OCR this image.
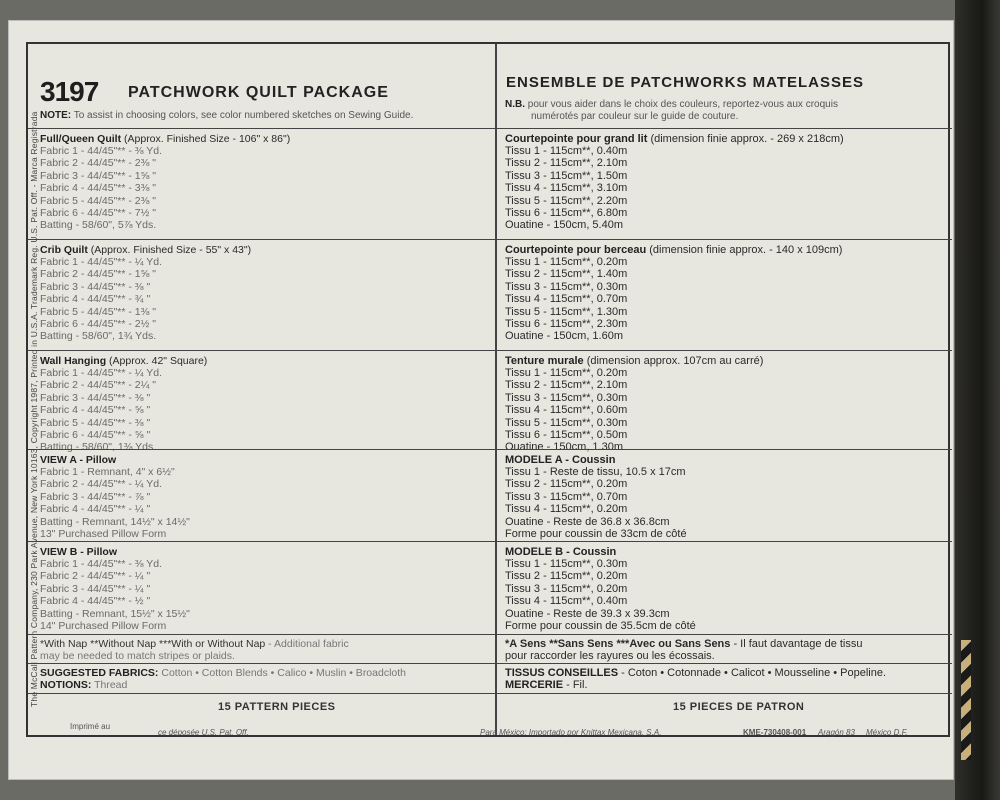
The McCall Pattern Company, 230 Park Avenue, New York 10163, Copyright 1987, Printed in U.S.A. Trademark Reg. U.S. Pat. Off. - Marca Registrada
3197 PATCHWORK QUILT PACKAGE
NOTE: To assist in choosing colors, see color numbered sketches on Sewing Guide.
Full/Queen Quilt (Approx. Finished Size - 106" x 86")
Fabric 1 - 44/45"** - ⅜ Yd.
Fabric 2 - 44/45"** - 2⅜ "
Fabric 3 - 44/45"** - 1⅝ "
Fabric 4 - 44/45"** - 3⅜ "
Fabric 5 - 44/45"** - 2⅜ "
Fabric 6 - 44/45"** - 7½ "
Batting - 58/60", 5⅞ Yds.
Crib Quilt (Approx. Finished Size - 55" x 43")
Fabric 1 - 44/45"** - ¼ Yd.
Fabric 2 - 44/45"** - 1⅝ "
Fabric 3 - 44/45"** - ⅜ "
Fabric 4 - 44/45"** - ¾ "
Fabric 5 - 44/45"** - 1⅜ "
Fabric 6 - 44/45"** - 2½ "
Batting - 58/60", 1¾ Yds.
Wall Hanging (Approx. 42" Square)
Fabric 1 - 44/45"** - ¼ Yd.
Fabric 2 - 44/45"** - 2¼ "
Fabric 3 - 44/45"** - ⅜ "
Fabric 4 - 44/45"** - ⅝ "
Fabric 5 - 44/45"** - ⅜ "
Fabric 6 - 44/45"** - ⅝ "
Batting - 58/60", 1⅜ Yds.
VIEW A - Pillow
Fabric 1 - Remnant, 4" x 6½"
Fabric 2 - 44/45"** - ¼ Yd.
Fabric 3 - 44/45"** - ⅞ "
Fabric 4 - 44/45"** - ¼ "
Batting - Remnant, 14½" x 14½"
13" Purchased Pillow Form
VIEW B - Pillow
Fabric 1 - 44/45"** - ⅜ Yd.
Fabric 2 - 44/45"** - ¼ "
Fabric 3 - 44/45"** - ¼ "
Fabric 4 - 44/45"** - ½ "
Batting - Remnant, 15½" x 15½"
14" Purchased Pillow Form
*With Nap **Without Nap ***With or Without Nap - Additional fabric
may be needed to match stripes or plaids.
SUGGESTED FABRICS: Cotton • Cotton Blends • Calico • Muslin • Broadcloth
NOTIONS: Thread
15 PATTERN PIECES
ENSEMBLE DE PATCHWORKS MATELASSES
N.B. pour vous aider dans le choix des couleurs, reportez-vous aux croquis
numérotés par couleur sur le guide de couture.
Courtepointe pour grand lit (dimension finie approx. - 269 x 218cm)
Tissu 1 - 115cm**, 0.40m
Tissu 2 - 115cm**, 2.10m
Tissu 3 - 115cm**, 1.50m
Tissu 4 - 115cm**, 3.10m
Tissu 5 - 115cm**, 2.20m
Tissu 6 - 115cm**, 6.80m
Ouatine - 150cm, 5.40m
Courtepointe pour berceau (dimension finie approx. - 140 x 109cm)
Tissu 1 - 115cm**, 0.20m
Tissu 2 - 115cm**, 1.40m
Tissu 3 - 115cm**, 0.30m
Tissu 4 - 115cm**, 0.70m
Tissu 5 - 115cm**, 1.30m
Tissu 6 - 115cm**, 2.30m
Ouatine - 150cm, 1.60m
Tenture murale (dimension approx. 107cm au carré)
Tissu 1 - 115cm**, 0.20m
Tissu 2 - 115cm**, 2.10m
Tissu 3 - 115cm**, 0.30m
Tissu 4 - 115cm**, 0.60m
Tissu 5 - 115cm**, 0.30m
Tissu 6 - 115cm**, 0.50m
Ouatine - 150cm, 1.30m
MODELE A - Coussin
Tissu 1 - Reste de tissu, 10.5 x 17cm
Tissu 2 - 115cm**, 0.20m
Tissu 3 - 115cm**, 0.70m
Tissu 4 - 115cm**, 0.20m
Ouatine - Reste de 36.8 x 36.8cm
Forme pour coussin de 33cm de côté
MODELE B - Coussin
Tissu 1 - 115cm**, 0.30m
Tissu 2 - 115cm**, 0.20m
Tissu 3 - 115cm**, 0.20m
Tissu 4 - 115cm**, 0.40m
Ouatine - Reste de 39.3 x 39.3cm
Forme pour coussin de 35.5cm de côté
*A Sens **Sans Sens ***Avec ou Sans Sens - Il faut davantage de tissu
pour raccorder les rayures ou les écossais.
TISSUS CONSEILLES - Coton • Cotonnade • Calicot • Mousseline • Popeline.
MERCERIE - Fil.
15 PIECES DE PATRON
Imprimé au
ce déposée U.S. Pat. Off.	Para México: Importado por Knittax Mexicana, S.A.	KME-730408-001 Aragón 83 México D.F.
